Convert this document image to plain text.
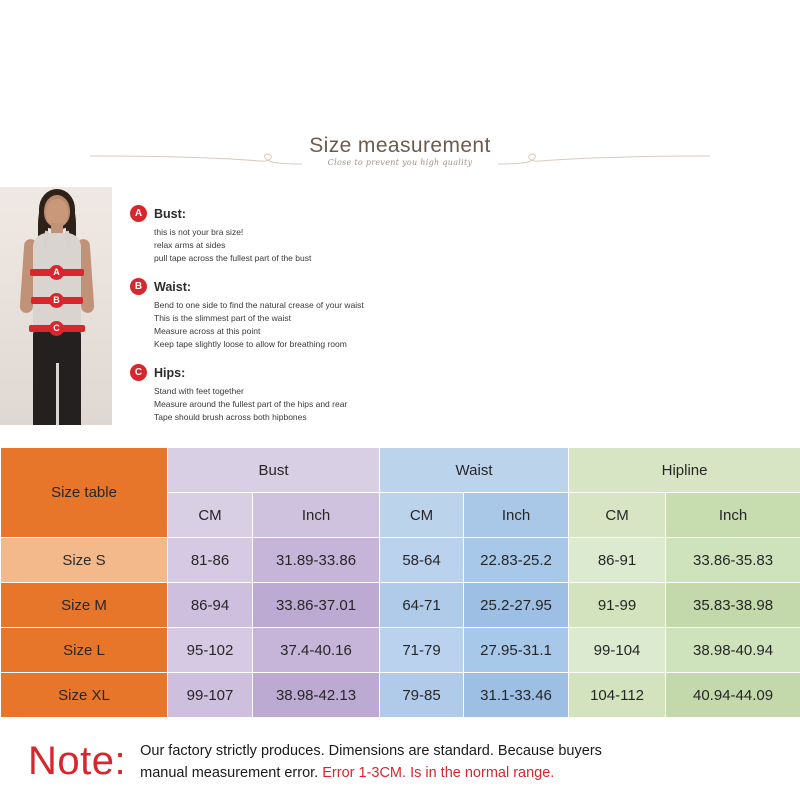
Size measurement
Close to prevent you high quality
A
B
C
A Bust:
this is not your bra size!
relax arms at sides
pull tape across the fullest part of the bust
B Waist:
Bend to one side to find the natural crease of your waist
This is the slimmest part of the waist
Measure across at this point
Keep tape slightly loose to allow for breathing room
C Hips:
Stand with feet together
Measure around the fullest part of the hips and rear
Tape should brush across both hipbones
Size table	Bust		Waist		Hipline	
	CM	Inch	CM	Inch	CM	Inch
Size S	81-86	31.89-33.86	58-64	22.83-25.2	86-91	33.86-35.83
Size M	86-94	33.86-37.01	64-71	25.2-27.95	91-99	35.83-38.98
Size L	95-102	37.4-40.16	71-79	27.95-31.1	99-104	38.98-40.94
Size XL	99-107	38.98-42.13	79-85	31.1-33.46	104-112	40.94-44.09
Note: Our factory strictly produces. Dimensions are standard. Because buyers
manual measurement error. Error 1-3CM. Is in the normal range.
